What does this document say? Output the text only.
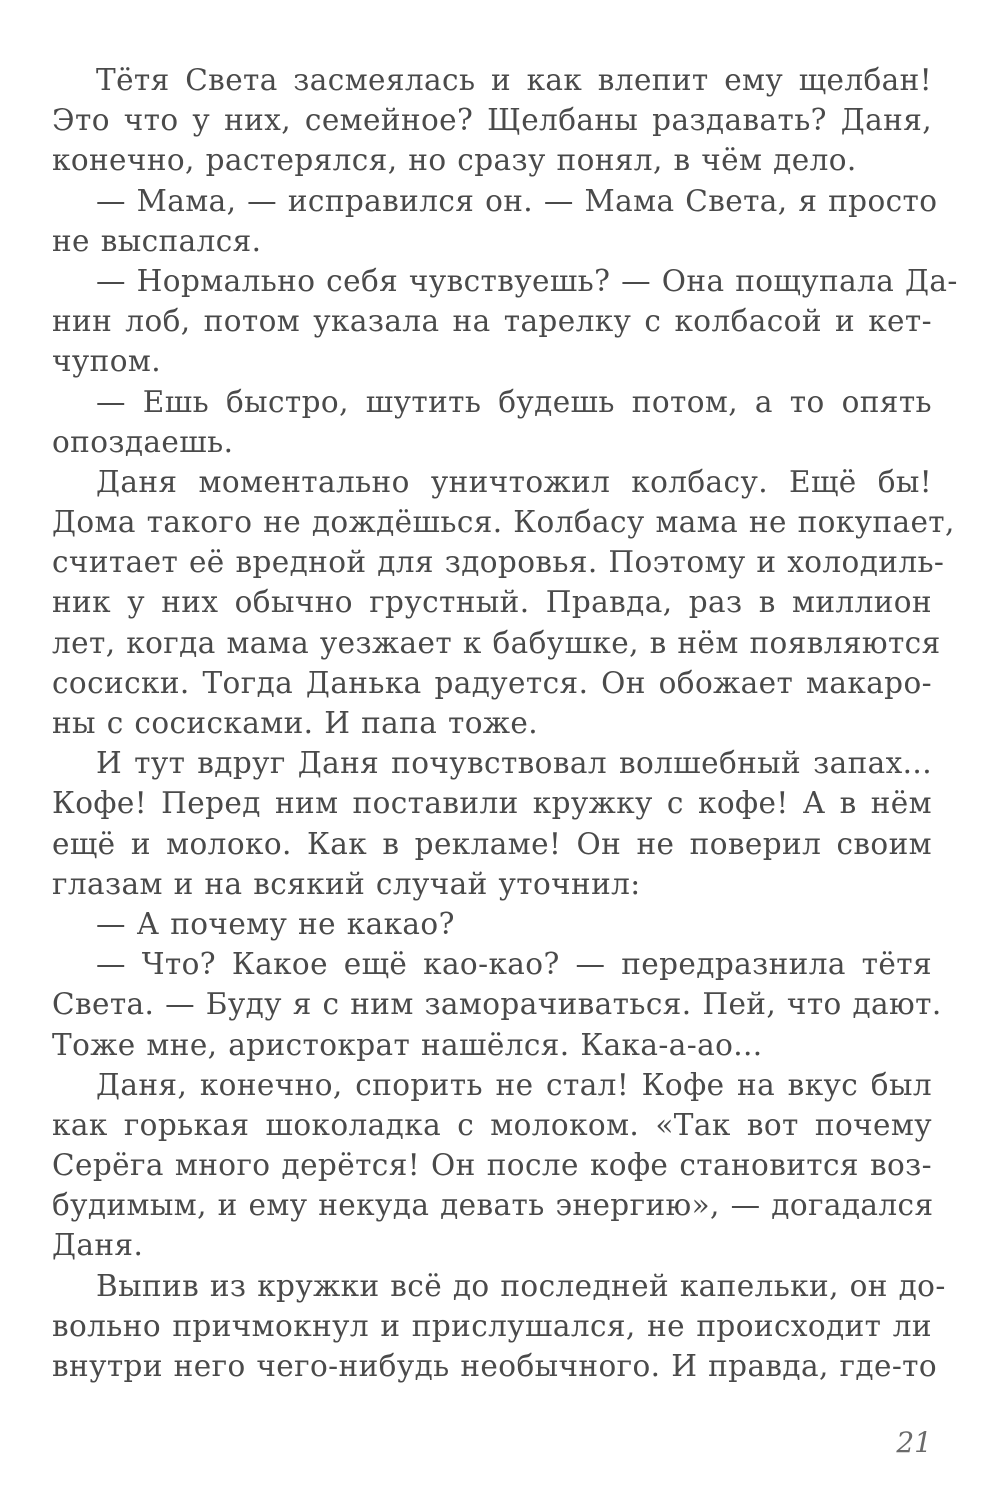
Тётя Света засмеялась и как влепит ему щелбан!
Это что у них, семейное? Щелбаны раздавать? Даня,
конечно, растерялся, но сразу понял, в чём дело.
— Мама, — исправился он. — Мама Света, я просто
не выспался.
— Нормально себя чувствуешь? — Она пощупала Да-
нин лоб, потом указала на тарелку с колбасой и кет-
чупом.
— Ешь быстро, шутить будешь потом, а то опять
опоздаешь.
Даня моментально уничтожил колбасу. Ещё бы!
Дома такого не дождёшься. Колбасу мама не покупает,
считает её вредной для здоровья. Поэтому и холодиль-
ник у них обычно грустный. Правда, раз в миллион
лет, когда мама уезжает к бабушке, в нём появляются
сосиски. Тогда Данька радуется. Он обожает макаро-
ны с сосисками. И папа тоже.
И тут вдруг Даня почувствовал волшебный запах...
Кофе! Перед ним поставили кружку с кофе! А в нём
ещё и молоко. Как в рекламе! Он не поверил своим
глазам и на всякий случай уточнил:
— А почему не какао?
— Что? Какое ещё као-као? — передразнила тётя
Света. — Буду я с ним заморачиваться. Пей, что дают.
Тоже мне, аристократ нашёлся. Кака-а-ао...
Даня, конечно, спорить не стал! Кофе на вкус был
как горькая шоколадка с молоком. «Так вот почему
Серёга много дерётся! Он после кофе становится воз-
будимым, и ему некуда девать энергию», — догадался
Даня.
Выпив из кружки всё до последней капельки, он до-
вольно причмокнул и прислушался, не происходит ли
внутри него чего-нибудь необычного. И правда, где-то
21
